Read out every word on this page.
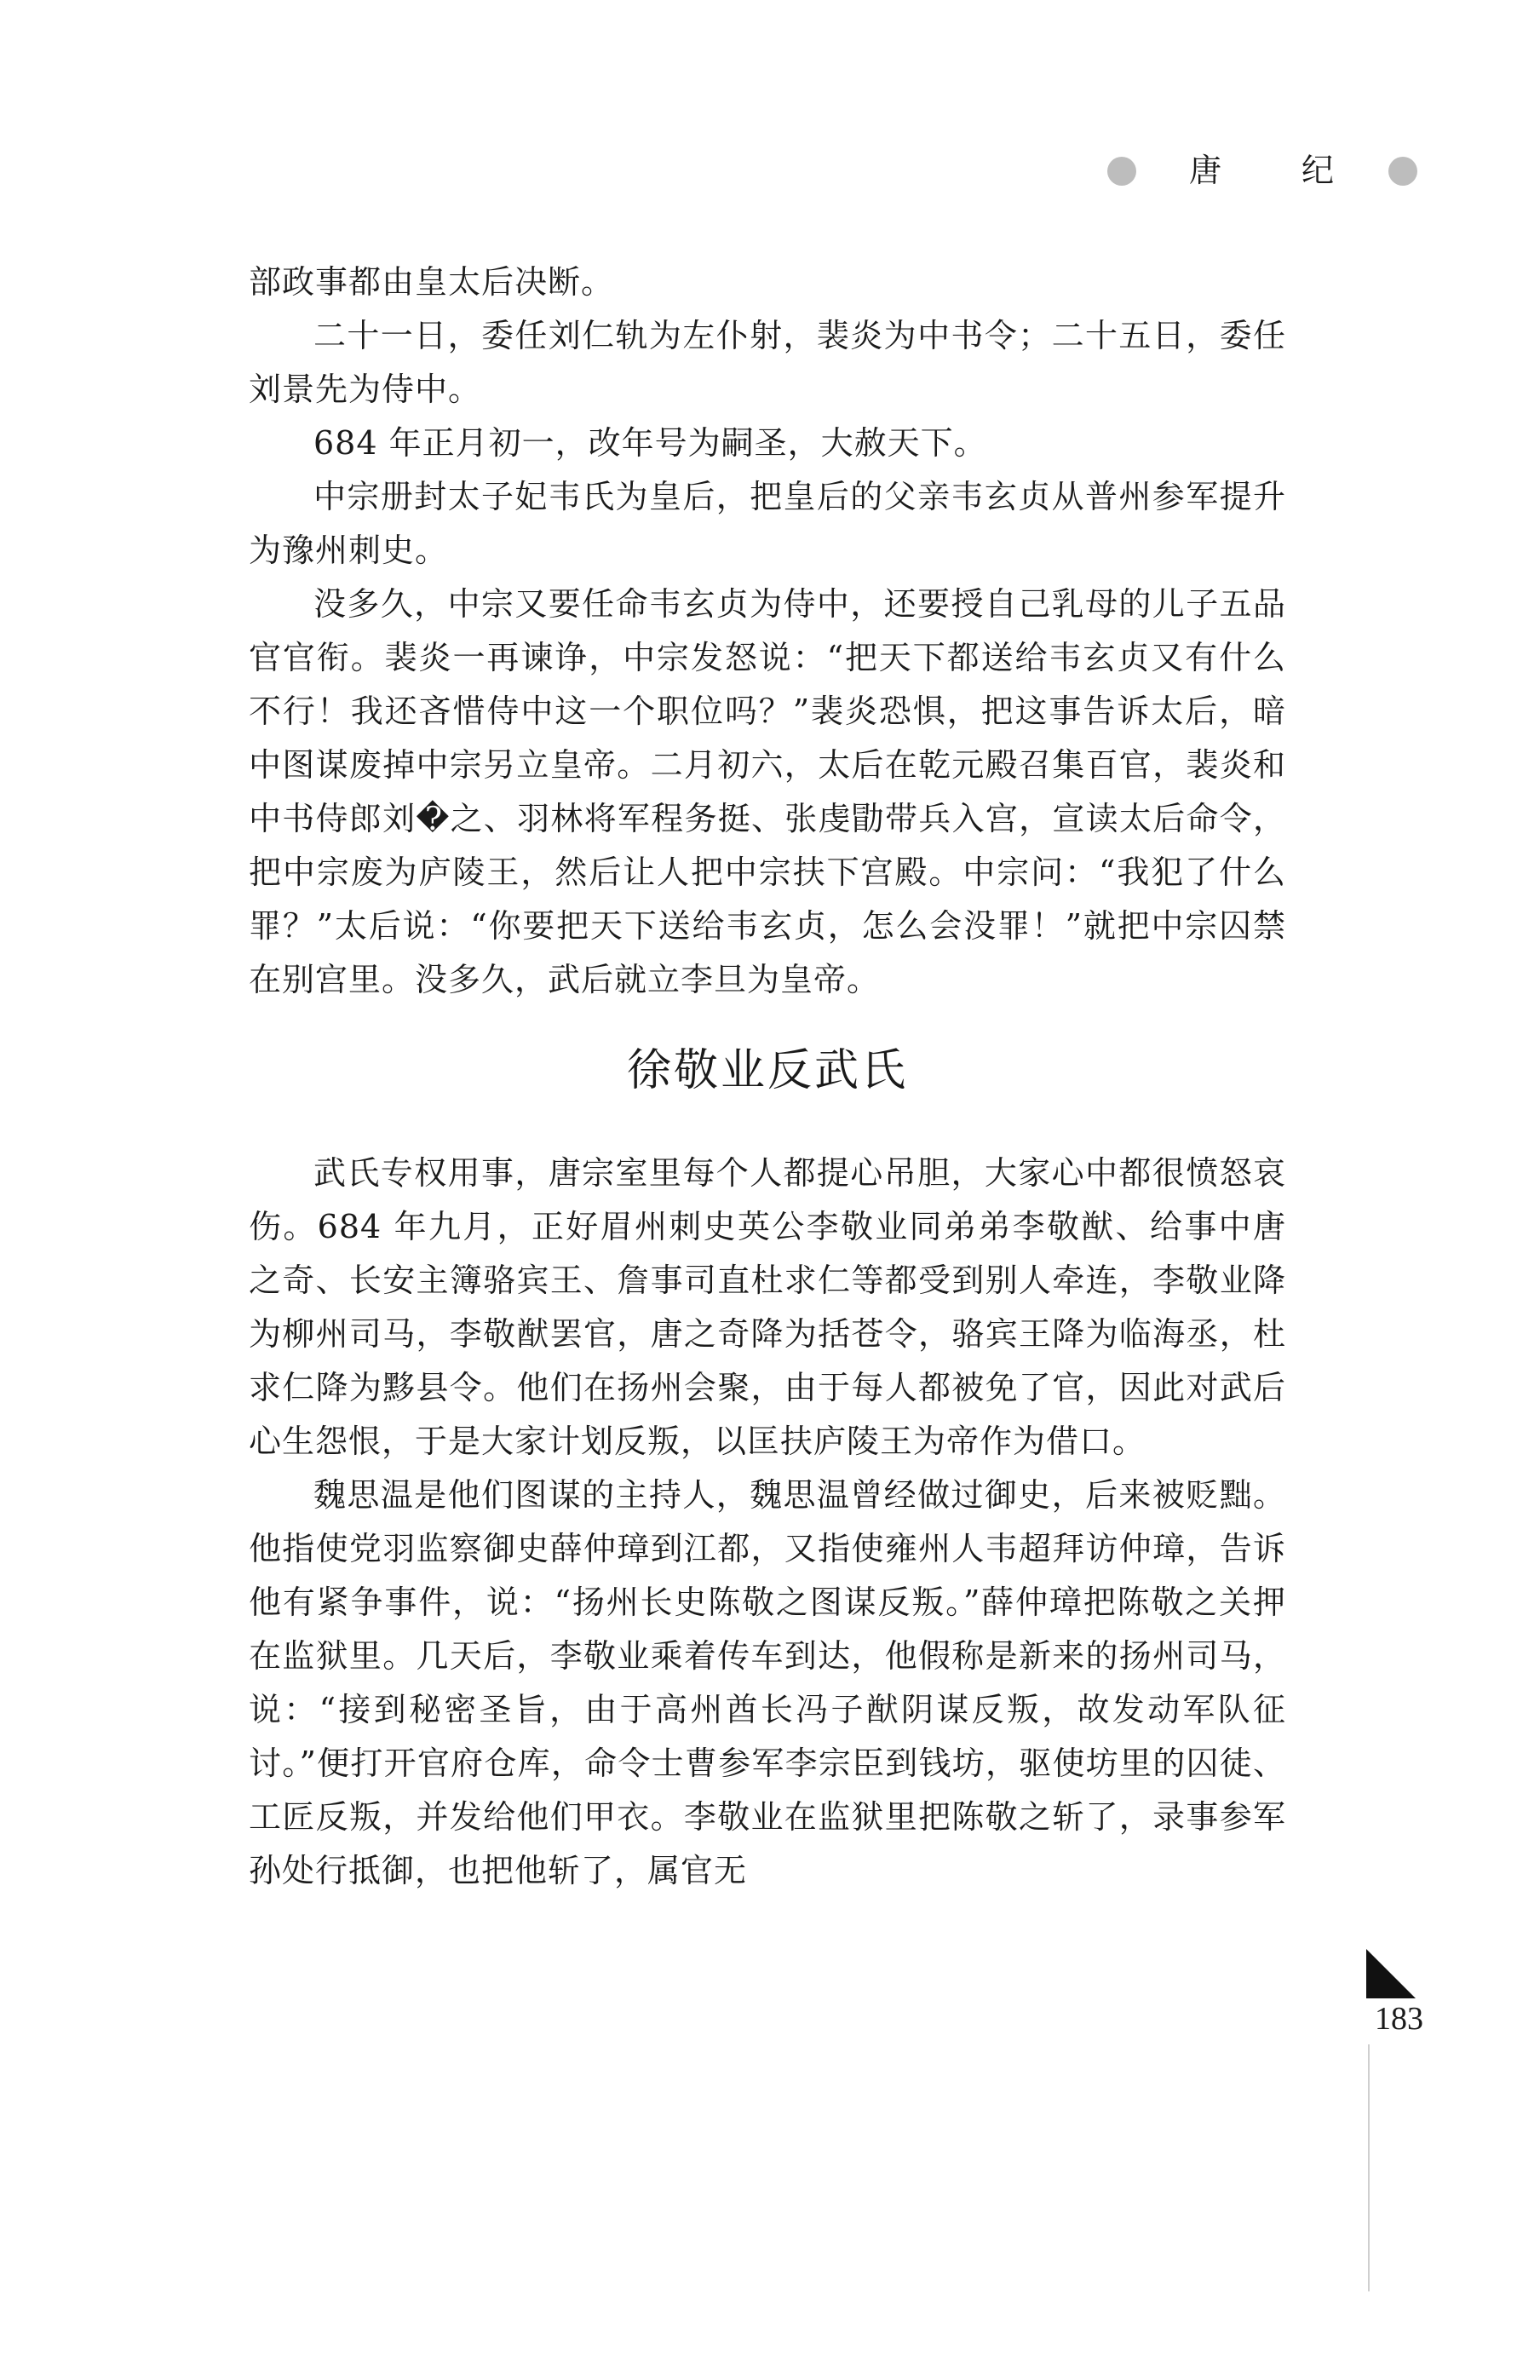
唐 纪

部政事都由皇太后决断。

二十一日，委任刘仁轨为左仆射，裴炎为中书令；二十五日，委任刘景先为侍中。

684 年正月初一，改年号为嗣圣，大赦天下。

中宗册封太子妃韦氏为皇后，把皇后的父亲韦玄贞从普州参军提升为豫州刺史。

没多久，中宗又要任命韦玄贞为侍中，还要授自己乳母的儿子五品官官衔。裴炎一再谏诤，中宗发怒说：“把天下都送给韦玄贞又有什么不行！我还吝惜侍中这一个职位吗？”裴炎恐惧，把这事告诉太后，暗中图谋废掉中宗另立皇帝。二月初六，太后在乾元殿召集百官，裴炎和中书侍郎刘�之、羽林将军程务挺、张虔勖带兵入宫，宣读太后命令，把中宗废为庐陵王，然后让人把中宗扶下宫殿。中宗问：“我犯了什么罪？”太后说：“你要把天下送给韦玄贞，怎么会没罪！”就把中宗囚禁在别宫里。没多久，武后就立李旦为皇帝。

徐敬业反武氏

武氏专权用事，唐宗室里每个人都提心吊胆，大家心中都很愤怒哀伤。684 年九月，正好眉州刺史英公李敬业同弟弟李敬猷、给事中唐之奇、长安主簿骆宾王、詹事司直杜求仁等都受到别人牵连，李敬业降为柳州司马，李敬猷罢官，唐之奇降为括苍令，骆宾王降为临海丞，杜求仁降为黟县令。他们在扬州会聚，由于每人都被免了官，因此对武后心生怨恨，于是大家计划反叛，以匡扶庐陵王为帝作为借口。

魏思温是他们图谋的主持人，魏思温曾经做过御史，后来被贬黜。他指使党羽监察御史薛仲璋到江都，又指使雍州人韦超拜访仲璋，告诉他有紧争事件，说：“扬州长史陈敬之图谋反叛。”薛仲璋把陈敬之关押在监狱里。几天后，李敬业乘着传车到达，他假称是新来的扬州司马，说：“接到秘密圣旨，由于高州酋长冯子猷阴谋反叛，故发动军队征讨。”便打开官府仓库，命令士曹参军李宗臣到钱坊，驱使坊里的囚徒、工匠反叛，并发给他们甲衣。李敬业在监狱里把陈敬之斩了，录事参军孙处行抵御，也把他斩了，属官无

183
